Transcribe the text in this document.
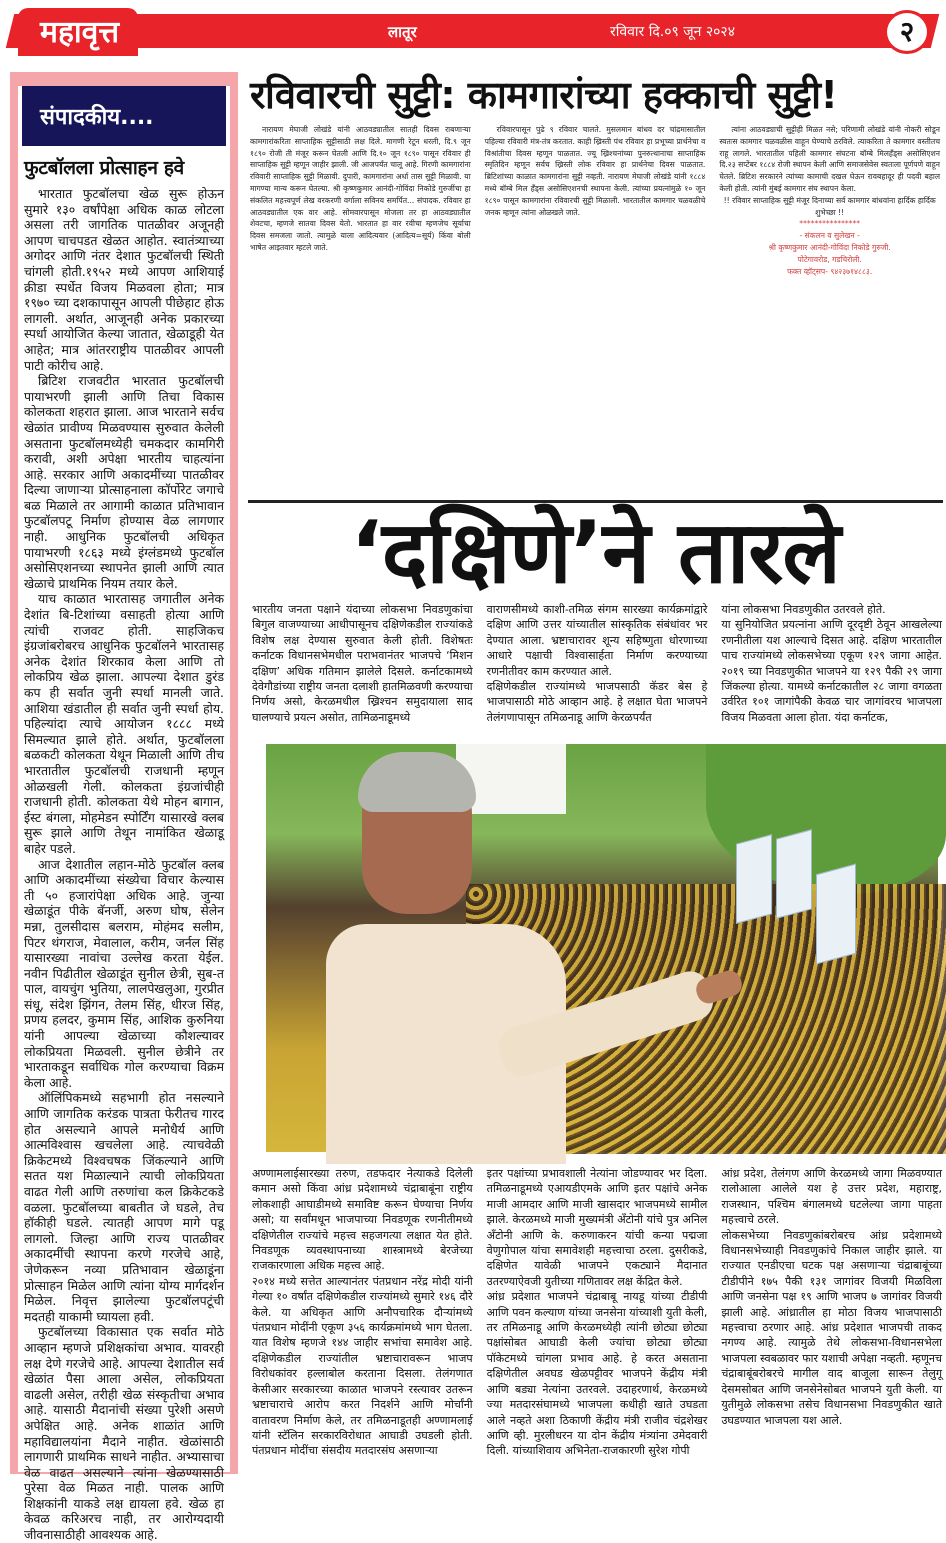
महावृत्त	लातूर	रविवार दि.०९ जून २०२४	२
संपादकीय....
फुटबॉलला प्रोत्साहन हवे

भारतात फुटबॉलचा खेळ सुरू होऊन सुमारे १३० वर्षांपेक्षा अधिक काळ लोटला असला तरी जागतिक पातळीवर अजूनही आपण चाचपडत खेळत आहोत. स्वातंत्र्याच्या अगोदर आणि नंतर देशात फुटबॉलची स्थिती चांगली होती.१९५२ मध्ये आपण आशियाई क्रीडा स्पर्धेत विजय मिळवला होता; मात्र १९७० च्या दशकापासून आपली पीछेहाट होऊ लागली. अर्थात, आजूनही अनेक प्रकारच्या स्पर्धा आयोजित केल्या जातात, खेळाडूही येत आहेत; मात्र आंतरराष्ट्रीय पातळीवर आपली पाटी कोरीच आहे.

ब्रिटिश राजवटीत भारतात फुटबॉलची पायाभरणी झाली आणि तिचा विकास कोलकता शहरात झाला. आज भारताने सर्वच खेळांत प्रावीण्य मिळवण्यास सुरुवात केलेली असताना फुटबॉलमध्येही चमकदार कामगिरी करावी, अशी अपेक्षा भारतीय चाहत्यांना आहे. सरकार आणि अकादमींच्या पातळीवर दिल्या जाणाऱ्या प्रोत्साहनाला कॉर्पोरेट जगाचे बळ मिळाले तर आगामी काळात प्रतिभावान फुटबॉलपटू निर्माण होण्यास वेळ लागणार नाही. आधुनिक फुटबॉलची अधिकृत पायाभरणी १८६३ मध्ये इंग्लंडमध्ये फुटबॉल असोसिएशनच्या स्थापनेत झाली आणि त्यात खेळाचे प्राथमिक नियम तयार केले.

याच काळात भारतासह जगातील अनेक देशांत बि-टिशांच्या वसाहती होत्या आणि त्यांची राजवट होती. साहजिकच इंग्रजांबरोबरच आधुनिक फुटबॉलने भारतासह अनेक देशांत शिरकाव केला आणि तो लोकप्रिय खेळ झाला. आपल्या देशात डुरंड कप ही सर्वात जुनी स्पर्धा मानली जाते. आशिया खंडातील ही सर्वात जुनी स्पर्धा होय. पहिल्यांदा त्याचे आयोजन १८८८ मध्ये सिमल्यात झाले होते. अर्थात, फुटबॉलला बळकटी कोलकता येथून मिळाली आणि तीच भारतातील फुटबॉलची राजधानी म्हणून ओळखली गेली. कोलकता इंग्रजांचीही राजधानी होती. कोलकता येथे मोहन बागान, ईस्ट बंगला, मोहमेडन स्पोर्टिंग यासारखे क्लब सुरू झाले आणि तेथून नामांकित खेळाडू बाहेर पडले.

आज देशातील लहान-मोठे फुटबॉल क्लब आणि अकादमींच्या संख्येचा विचार केल्यास ती ५० हजारांपेक्षा अधिक आहे. जुन्या खेळाडूंत पीके बॅनर्जी, अरुण घोष, सेलेन मन्ना, तुलसीदास बलराम, मोहंमद सलीम, पिटर थंगराज, मेवालाल, करीम, जर्नल सिंह यासारख्या नावांचा उल्लेख करता येईल. नवीन पिढीतील खेळाडूंत सुनील छेत्री, सुब-त पाल, वायचुंग भुतिया, लालपेखलुआ, गुरप्रीत संधू, संदेश झिंगन, तेलम सिंह, धीरज सिंह, प्रणय हलदर, कुमाम सिंह, आशिक कुरुनिया यांनी आपल्या खेळाच्या कौशल्यावर लोकप्रियता मिळवली. सुनील छेत्रीने तर भारताकडून सर्वाधिक गोल करण्याचा विक्रम केला आहे.

ऑलिंपिकमध्ये सहभागी होत नसल्याने आणि जागतिक करंडक पात्रता फेरीतच गारद होत असल्याने आपले मनोधैर्य आणि आत्मविश्वास खचलेला आहे. त्याचवेळी क्रिकेटमध्ये विश्वचषक जिंकल्याने आणि सतत यश मिळाल्याने त्याची लोकप्रियता वाढत गेली आणि तरुणांचा कल क्रिकेटकडे वळला. फुटबॉलच्या बाबतीत जे घडले, तेच हॉकीही घडले. त्यातही आपण मागे पडू लागलो. जिल्हा आणि राज्य पातळीवर अकादमींची स्थापना करणे गरजेचे आहे, जेणेकरून नव्या प्रतिभावान खेळाडूंना प्रोत्साहन मिळेल आणि त्यांना योग्य मार्गदर्शन मिळेल. निवृत्त झालेल्या फुटबॉलपटूंची मदतही याकामी घ्यायला हवी.

फुटबॉलच्या विकासात एक सर्वात मोठे आव्हान म्हणजे प्रशिक्षकांचा अभाव. यावरही लक्ष देणे गरजेचे आहे. आपल्या देशातील सर्व खेळांत पैसा आला असेल, लोकप्रियता वाढली असेल, तरीही खेळ संस्कृतीचा अभाव आहे. यासाठी मैदानांची संख्या पुरेशी असणे अपेक्षित आहे. अनेक शाळांत आणि महाविद्यालयांना मैदाने नाहीत. खेळांसाठी लागणारी प्राथमिक साधने नाहीत. अभ्यासाचा वेळ वाढत असल्याने त्यांना खेळण्यासाठी पुरेसा वेळ मिळत नाही. पालक आणि शिक्षकांनी याकडे लक्ष द्यायला हवे. खेळ हा केवळ करिअरच नाही, तर आरोग्यदायी जीवनासाठीही आवश्यक आहे.

रविवारची सुट्टी: कामगारांच्या हक्काची सुट्टी!

नारायण मेघाजी लोखंडे यांनी आठवड्यातील सातही दिवस राबणाऱ्या कामगारांकरिता साप्ताहिक सुट्टीसाठी लक्ष दिले. मागणी रेटून धरली, दि.९ जून १८९० रोजी ती मंजूर करून घेतली आणि दि.१० जून १८९० पासून रविवार ही साप्ताहिक सुट्टी म्हणून जाहीर झाली. जी आजपर्यंत चालू आहे. गिरणी कामगारांना रविवारी साप्ताहिक सुट्टी मिळावी. दुपारी, कामगारांना अर्धा तास सुट्टी मिळावी. या मागण्या मान्य करून घेतल्या. श्री कृष्णकुमार आनंदी-गोविंदा निकोडे गुरुजींचा हा संकलित महत्त्वपूर्ण लेख वरकरणी वर्गाला सविनय समर्पित... संपादक. रविवार हा आठवड्यातील एक वार आहे. सोमवारपासून मोजला तर हा आठवड्यातील शेवटचा, म्हणजे सातवा दिवस येतो. भारतात हा वार रवीचा म्हणजेच सूर्याचा दिवस समजला जातो. त्यामुळे याला आदित्यवार (आदित्य=सूर्य) किंवा बोली भाषेत आइतवार म्हटले जाते.

रविवारपासून पुढे ९ रविवार चालते. मुसलमान बांधव दर चांद्रमासातील पहिल्या रविवारी मंत्र-तंत्र करतात. काही ख्रिस्ती पंथ रविवार हा प्रभूच्या प्रार्थनेचा व विश्रांतीचा दिवस म्हणून पाळतात. ज्यू ख्रिश्चनांच्या पुनरुत्थानाचा साप्ताहिक स्मृतिदिन म्हणून सर्वच ख्रिस्ती लोक रविवार हा प्रार्थनेचा दिवस पाळतात. ब्रिटिशांच्या काळात कामगारांना सुट्टी नव्हती. नारायण मेघाजी लोखंडे यांनी १८८४ मध्ये बॉम्बे मिल हँड्स असोसिएशनची स्थापना केली. त्यांच्या प्रयत्नांमुळे १० जून १८९० पासून कामगारांना रविवारची सुट्टी मिळाली. भारतातील कामगार चळवळीचे जनक म्हणून त्यांना ओळखले जाते.

त्यांना आठवड्याची सुट्टीही मिळत नसे; परिणामी लोखंडे यांनी नोकरी सोडून स्वतःस कामगार चळवळीस वाहून घेण्याचे ठरविले. त्याकरिता ते कामगार वस्तीतच राहू लागले. भारतातील पहिली कामगार संघटना बॉम्बे मिलहँड्स असोसिएशन दि.२३ सप्टेंबर १८८४ रोजी स्थापन केली आणि समाजसेवेस स्वतःला पूर्णपणे वाहून घेतले. ब्रिटिश सरकारने त्यांच्या कामाची दखल घेऊन रावबहादूर ही पदवी बहाल केली होती. त्यांनी मुंबई कामगार संघ स्थापन केला.

!! रविवार साप्ताहिक सुट्टी मंजूर दिनाच्या सर्व कामगार बांधवांना हार्दिक हार्दिक शुभेच्छा !!
****************
- संकलन व सुलेखन -
श्री कृष्णकुमार आनंदी-गोविंदा निकोडे गुरुजी.
पोटेगावरोड, गडचिरोली.
फक्त व्हॉट्सप- ९४२३७१४८८३.
‘दक्षिणे’ने तारले
भारतीय जनता पक्षाने यंदाच्या लोकसभा निवडणुकांचा बिगुल वाजण्याच्या आधीपासूनच दक्षिणेकडील राज्यांकडे विशेष लक्ष देण्यास सुरुवात केली होती. विशेषतः कर्नाटक विधानसभेमधील पराभवानंतर भाजपचे ‘मिशन दक्षिण’ अधिक गतिमान झालेले दिसले. कर्नाटकामध्ये देवेगौडांच्या राष्ट्रीय जनता दलाशी हातमिळवणी करण्याचा निर्णय असो, केरळमधील ख्रिश्चन समुदायाला साद घालण्याचे प्रयत्न असोत, तामिळनाडूमध्ये
वाराणसीमध्ये काशी-तमिळ संगम सारख्या कार्यक्रमांद्वारे दक्षिण आणि उत्तर यांच्यातील सांस्कृतिक संबंधांवर भर देण्यात आला. भ्रष्टाचारावर शून्य सहिष्णुता धोरणाच्या आधारे पक्षाची विश्वासार्हता निर्माण करण्याच्या रणनीतीवर काम करण्यात आले.
दक्षिणेकडील राज्यांमध्ये भाजपसाठी कॅडर बेस हे भाजपासाठी मोठे आव्हान आहे. हे लक्षात घेता भाजपने तेलंगणापासून तमिळनाडू आणि केरळपर्यंत
यांना लोकसभा निवडणुकीत उतरवले होते.
या सुनियोजित प्रयत्नांना आणि दूरदृष्टी ठेवून आखलेल्या रणनीतीला यश आल्याचे दिसत आहे. दक्षिण भारतातील पाच राज्यांमध्ये लोकसभेच्या एकूण १२९ जागा आहेत. २०१९ च्या निवडणुकीत भाजपने या १२९ पैकी २९ जागा जिंकल्या होत्या. यामध्ये कर्नाटकातील २८ जागा वगळता उर्वरित १०१ जागांपैकी केवळ चार जागांवरच भाजपला विजय मिळवता आला होता. यंदा कर्नाटक,
अण्णामलाईसारख्या तरुण, तडफदार नेत्याकडे दिलेली कमान असो किंवा आंध्र प्रदेशामध्ये चंद्राबाबूंना राष्ट्रीय लोकशाही आघाडीमध्ये समाविष्ट करून घेण्याचा निर्णय असो; या सर्वांमधून भाजपाच्या निवडणूक रणनीतीमध्ये दक्षिणेतील राज्यांचे महत्त्व सहजगत्या लक्षात येत होते. निवडणूक व्यवस्थापनाच्या शास्त्रामध्ये बेरजेच्या राजकारणाला अधिक महत्त्व आहे.
२०१४ मध्ये सत्तेत आल्यानंतर पंतप्रधान नरेंद्र मोदी यांनी गेल्या १० वर्षांत दक्षिणेकडील राज्यांमध्ये सुमारे १४६ दौरे केले. या अधिकृत आणि अनौपचारिक दौऱ्यांमध्ये पंतप्रधान मोदींनी एकूण ३५६ कार्यक्रमांमध्ये भाग घेतला. यात विशेष म्हणजे १४४ जाहीर सभांचा समावेश आहे. दक्षिणेकडील राज्यांतील भ्रष्टाचारावरून भाजप विरोधकांवर हल्लाबोल करताना दिसला. तेलंगणात केसीआर सरकारच्या काळात भाजपने रस्त्यावर उतरून भ्रष्टाचाराचे आरोप करत निदर्शने आणि मोर्चांनी वातावरण निर्माण केले, तर तमिळनाडूतही अण्णामलाई यांनी स्टॅलिन सरकारविरोधात आघाडी उघडली होती. पंतप्रधान मोदींचा संसदीय मतदारसंघ असणाऱ्या
इतर पक्षांच्या प्रभावशाली नेत्यांना जोडण्यावर भर दिला. तमिळनाडूमध्ये एआयडीएमके आणि इतर पक्षांचे अनेक माजी आमदार आणि माजी खासदार भाजपमध्ये सामील झाले. केरळमध्ये माजी मुख्यमंत्री अँटोनी यांचे पुत्र अनिल अँटोनी आणि के. करुणाकरन यांची कन्या पद्मजा वेणुगोपाल यांचा समावेशही महत्त्वाचा ठरला. दुसरीकडे, दक्षिणेत यावेळी भाजपने एकट्याने मैदानात उतरण्याऐवजी युतीच्या गणितावर लक्ष केंद्रित केले.
आंध्र प्रदेशात भाजपने चंद्राबाबू नायडू यांच्या टीडीपी आणि पवन कल्याण यांच्या जनसेना यांच्याशी युती केली, तर तमिळनाडू आणि केरळमध्येही त्यांनी छोट्या छोट्या पक्षांसोबत आघाडी केली ज्यांचा छोट्या छोट्या पॉकेटमध्ये चांगला प्रभाव आहे. हे करत असताना दक्षिणेतील अवघड खेळपट्टीवर भाजपने केंद्रीय मंत्री आणि बड्या नेत्यांना उतरवले. उदाहरणार्थ, केरळमध्ये ज्या मतदारसंघामध्ये भाजपला कधीही खाते उघडता आले नव्हते अशा ठिकाणी केंद्रीय मंत्री राजीव चंद्रशेखर आणि व्ही. मुरलीधरन या दोन केंद्रीय मंत्र्यांना उमेदवारी दिली. यांच्याशिवाय अभिनेता-राजकारणी सुरेश गोपी
आंध्र प्रदेश, तेलंगण आणि केरळमध्ये जागा मिळवण्यात रालोआला आलेले यश हे उत्तर प्रदेश, महाराष्ट्र, राजस्थान, पश्चिम बंगालमध्ये घटलेल्या जागा पाहता महत्त्वाचे ठरले.
लोकसभेच्या निवडणुकांबरोबरच आंध्र प्रदेशामध्ये विधानसभेच्याही निवडणुकांचे निकाल जाहीर झाले. या राज्यात एनडीएचा घटक पक्ष असणाऱ्या चंद्राबाबूंच्या टीडीपीने १७५ पैकी १३१ जागांवर विजयी मिळविला आणि जनसेना पक्ष १९ आणि भाजप ७ जागांवर विजयी झाली आहे. आंध्रातील हा मोठा विजय भाजपासाठी महत्त्वाचा ठरणार आहे. आंध्र प्रदेशात भाजपची ताकद नगण्य आहे. त्यामुळे तेथे लोकसभा-विधानसभेला भाजपला स्वबळावर फार यशाची अपेक्षा नव्हती. म्हणूनच चंद्राबाबूंबरोबरचे मागील वाद बाजूला सारून तेलुगू देसमसोबत आणि जनसेनेसोबत भाजपने युती केली. या युतीमुळे लोकसभा तसेच विधानसभा निवडणुकीत खाते उघडण्यात भाजपला यश आले.
